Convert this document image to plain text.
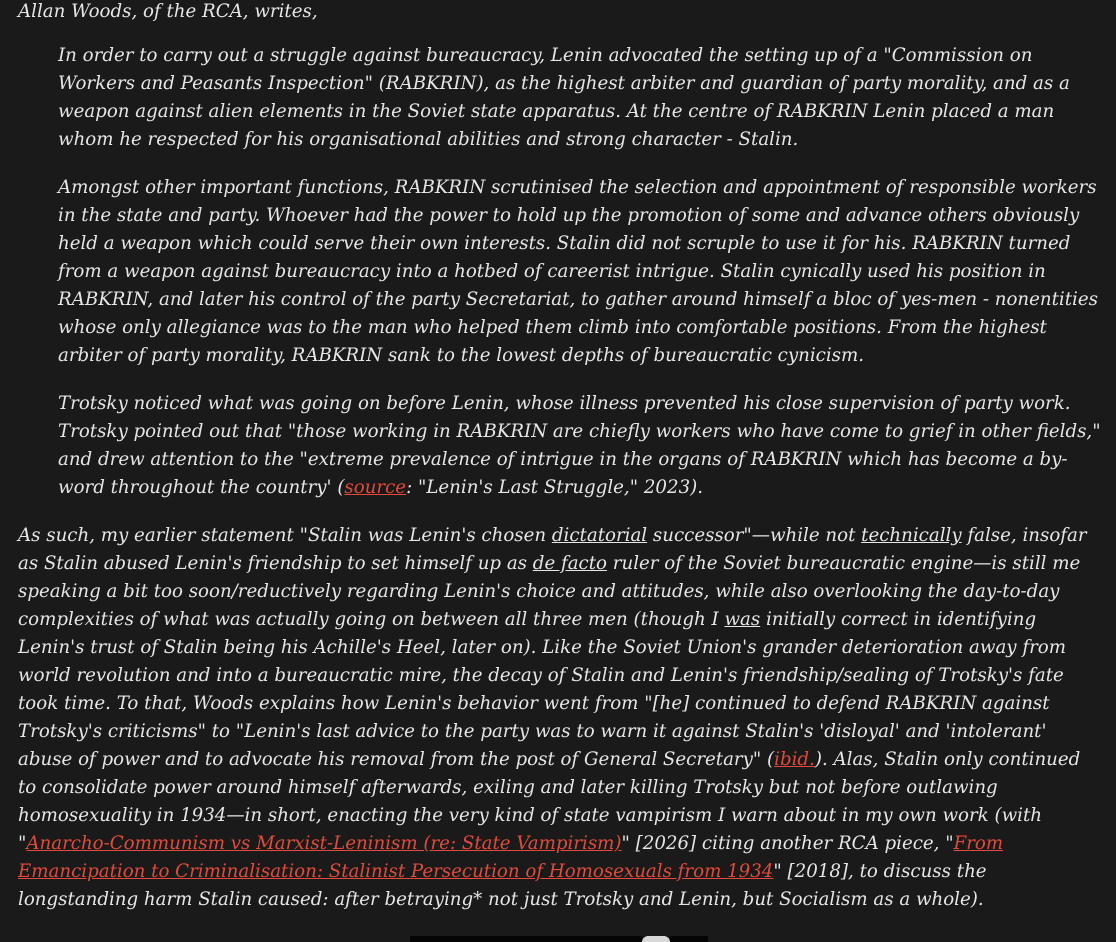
Allan Woods, of the RCA, writes,

In order to carry out a struggle against bureaucracy, Lenin advocated the setting up of a "Commission on Workers and Peasants Inspection" (RABKRIN), as the highest arbiter and guardian of party morality, and as a weapon against alien elements in the Soviet state apparatus. At the centre of RABKRIN Lenin placed a man whom he respected for his organisational abilities and strong character - Stalin.

Amongst other important functions, RABKRIN scrutinised the selection and appointment of responsible workers in the state and party. Whoever had the power to hold up the promotion of some and advance others obviously held a weapon which could serve their own interests. Stalin did not scruple to use it for his. RABKRIN turned from a weapon against bureaucracy into a hotbed of careerist intrigue. Stalin cynically used his position in RABKRIN, and later his control of the party Secretariat, to gather around himself a bloc of yes-men - nonentities whose only allegiance was to the man who helped them climb into comfortable positions. From the highest arbiter of party morality, RABKRIN sank to the lowest depths of bureaucratic cynicism.

Trotsky noticed what was going on before Lenin, whose illness prevented his close supervision of party work. Trotsky pointed out that "those working in RABKRIN are chiefly workers who have come to grief in other fields," and drew attention to the "extreme prevalence of intrigue in the organs of RABKRIN which has become a by-word throughout the country' (source: "Lenin's Last Struggle," 2023).

As such, my earlier statement "Stalin was Lenin's chosen dictatorial successor"—while not technically false, insofar as Stalin abused Lenin's friendship to set himself up as de facto ruler of the Soviet bureaucratic engine—is still me speaking a bit too soon/reductively regarding Lenin's choice and attitudes, while also overlooking the day-to-day complexities of what was actually going on between all three men (though I was initially correct in identifying Lenin's trust of Stalin being his Achille's Heel, later on). Like the Soviet Union's grander deterioration away from world revolution and into a bureaucratic mire, the decay of Stalin and Lenin's friendship/sealing of Trotsky's fate took time. To that, Woods explains how Lenin's behavior went from "[he] continued to defend RABKRIN against Trotsky's criticisms" to "Lenin's last advice to the party was to warn it against Stalin's 'disloyal' and 'intolerant' abuse of power and to advocate his removal from the post of General Secretary" (ibid.). Alas, Stalin only continued to consolidate power around himself afterwards, exiling and later killing Trotsky but not before outlawing homosexuality in 1934—in short, enacting the very kind of state vampirism I warn about in my own work (with "Anarcho-Communism vs Marxist-Leninism (re: State Vampirism)" [2026] citing another RCA piece, "From Emancipation to Criminalisation: Stalinist Persecution of Homosexuals from 1934" [2018], to discuss the longstanding harm Stalin caused: after betraying* not just Trotsky and Lenin, but Socialism as a whole).
